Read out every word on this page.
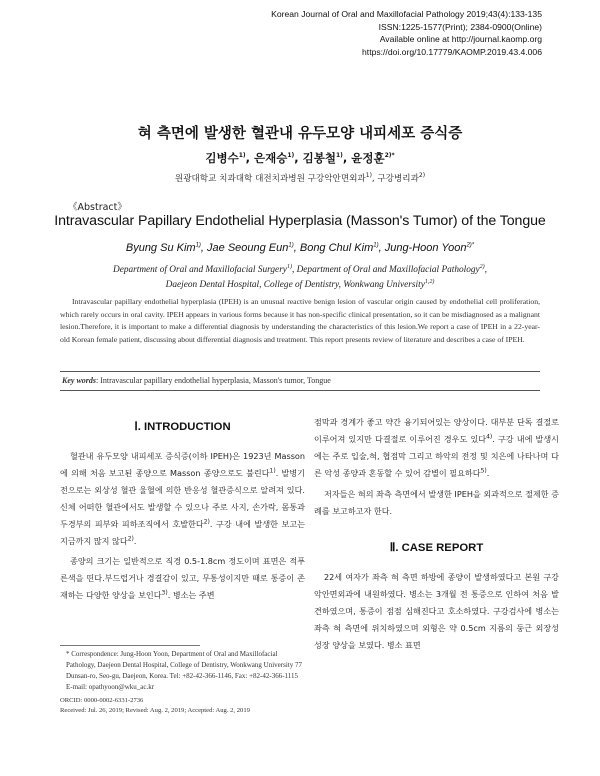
Korean Journal of Oral and Maxillofacial Pathology 2019;43(4):133-135
ISSN:1225-1577(Print); 2384-0900(Online)
Available online at http://journal.kaomp.org
https://doi.org/10.17779/KAOMP.2019.43.4.006
혀 측면에 발생한 혈관내 유두모양 내피세포 증식증
김병수$^{1)}$, 은재승$^{1)}$, 김봉철$^{1)}$, 윤정훈$^{2)*}$
원광대학교 치과대학 대전치과병원 구강악안면외과$^{1)}$, 구강병리과$^{2)}$
《Abstract》
Intravascular Papillary Endothelial Hyperplasia (Masson's Tumor) of the Tongue
Byung Su Kim$^{1)}$, Jae Seoung Eun$^{1)}$, Bong Chul Kim$^{1)}$, Jung-Hoon Yoon$^{2)*}$
Department of Oral and Maxillofacial Surgery$^{1)}$, Department of Oral and Maxillofacial Pathology$^{2)}$,
Daejeon Dental Hospital, College of Dentistry, Wonkwang University$^{1,2)}$
Intravascular papillary endothelial hyperplasia (IPEH) is an unusual reactive benign lesion of vascular origin caused by endothelial cell proliferation, which rarely occurs in oral cavity. IPEH appears in various forms because it has non-specific clinical presentation, so it can be misdiagnosed as a malignant lesion.Therefore, it is important to make a differential diagnosis by understanding the characteristics of this lesion.We report a case of IPEH in a 22-year-old Korean female patient, discussing about differential diagnosis and treatment. This report presents review of literature and describes a case of IPEH.
Key words: Intravascular papillary endothelial hyperplasia, Masson's tumor, Tongue
Ⅰ. INTRODUCTION

혈관내 유두모양 내피세포 증식증(이하 IPEH)은 1923년 Masson에 의해 처음 보고된 종양으로 Masson 종양으로도 불린다$^{1)}$. 발병기전으로는 외상성 혈관 울혈에 의한 반응성 혈관증식으로 알려져 있다. 신체 어떠한 혈관에서도 발생할 수 있으나 주로 사지, 손가락, 몸통과 두경부의 피부와 피하조직에서 호발한다$^{2)}$. 구강 내에 발생한 보고는 지금까지 많지 않다$^{2)}$.

종양의 크기는 일반적으로 직경 0.5-1.8cm 정도이며 표면은 적푸른색을 띤다.부드럽거나 경결감이 있고, 무통성이지만 때로 통증이 존재하는 다양한 양상을 보인다$^{3)}$. 병소는 주변

점막과 경계가 좋고 약간 융기되어있는 양상이다. 대부분 단독 결절로 이루어져 있지만 다결절로 이루어진 경우도 있다$^{4)}$. 구강 내에 발생시에는 주로 입술,혀, 협점막 그리고 하악의 전정 및 치은에 나타나며 다른 악성 종양과 혼동할 수 있어 감별이 필요하다$^{5)}$.

저자들은 혀의 좌측 측면에서 발생한 IPEH을 외과적으로 절제한 증례를 보고하고자 한다.

Ⅱ. CASE REPORT

22세 여자가 좌측 혀 측면 하방에 종양이 발생하였다고 본원 구강악안면외과에 내원하였다. 병소는 3개월 전 통증으로 인하여 처음 발견하였으며, 통증이 점점 심해진다고 호소하였다. 구강검사에 병소는 좌측 혀 측면에 위치하였으며 외형은 약 0.5cm 지름의 둥근 외장성 성장 양상을 보였다. 병소 표면

* Correspondence: Jung-Hoon Yoon, Department of Oral and Maxillofacial Pathology, Daejeon Dental Hospital, College of Dentistry, Wonkwang University 77 Dunsan-ro, Seo-gu, Daejeon, Korea. Tel: +82-42-366-1146, Fax: +82-42-366-1115
E-mail: opathyoon@wku_ac.kr
ORCID: 0000-0002-6331-2736
Received: Jul. 26, 2019; Revised: Aug. 2, 2019; Accepted: Aug. 2, 2019
